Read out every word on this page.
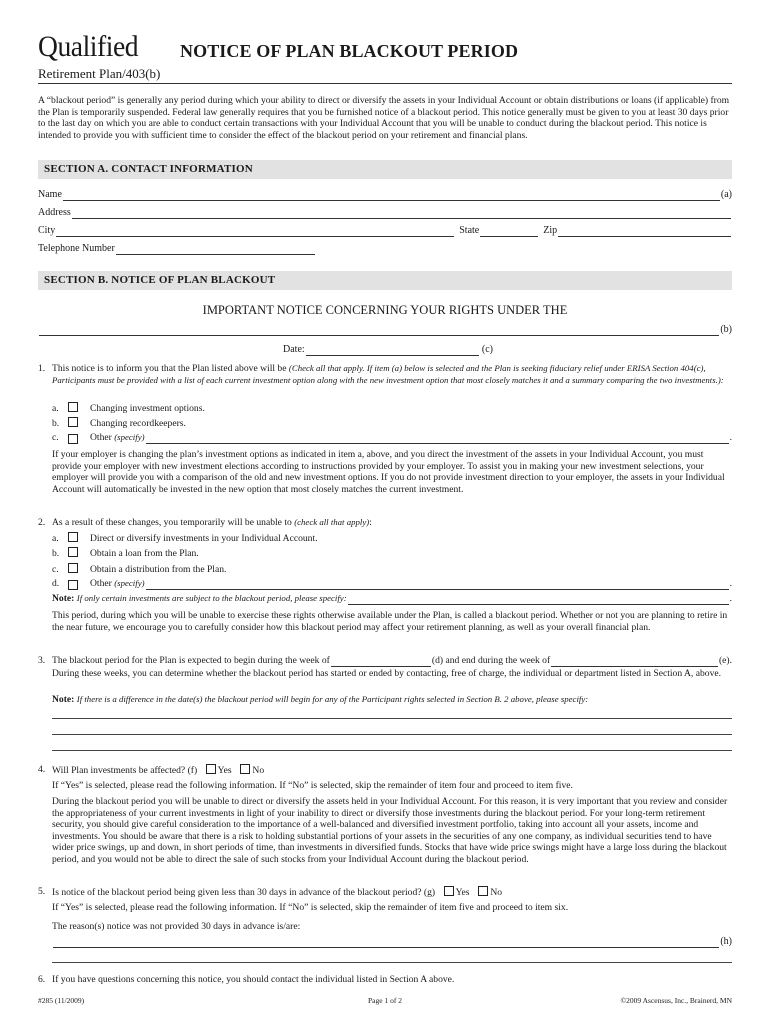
Qualified
Retirement Plan/403(b)
NOTICE OF PLAN BLACKOUT PERIOD
A “blackout period” is generally any period during which your ability to direct or diversify the assets in your Individual Account or obtain distributions or loans (if applicable) from the Plan is temporarily suspended. Federal law generally requires that you be furnished notice of a blackout period. This notice generally must be given to you at least 30 days prior to the last day on which you are able to conduct certain transactions with your Individual Account that you will be unable to conduct during the blackout period. This notice is intended to provide you with sufficient time to consider the effect of the blackout period on your retirement and financial plans.
SECTION A. CONTACT INFORMATION
Name	(a)
Address
City	State	Zip
Telephone Number
SECTION B. NOTICE OF PLAN BLACKOUT
IMPORTANT NOTICE CONCERNING YOUR RIGHTS UNDER THE
(b)
Date:	(c)
1. This notice is to inform you that the Plan listed above will be (Check all that apply. If item (a) below is selected and the Plan is seeking fiduciary relief under ERISA Section 404(c), Participants must be provided with a list of each current investment option along with the new investment option that most closely matches it and a summary comparing the two investments.):
a.	Changing investment options.
b.	Changing recordkeepers.
c.	Other
(specify)	.
If your employer is changing the plan’s investment options as indicated in item a, above, and you direct the investment of the assets in your Individual Account, you must provide your employer with new investment elections according to instructions provided by your employer. To assist you in making your new investment selections, your employer will provide you with a comparison of the old and new investment options. If you do not provide investment direction to your employer, the assets in your Individual Account will automatically be invested in the new option that most closely matches the current investment.
2. As a result of these changes, you temporarily will be unable to (check all that apply):
a.	Direct or diversify investments in your Individual Account.
b.	Obtain a loan from the Plan.
c.	Obtain a distribution from the Plan.
d.	Other
(specify)	.
Note:
If only certain investments are subject to the blackout period, please specify:	.
This period, during which you will be unable to exercise these rights otherwise available under the Plan, is called a blackout period. Whether or not you are planning to retire in the near future, we encourage you to carefully consider how this blackout period may affect your retirement planning, as well as your overall financial plan.
3. The blackout period for the Plan is expected to begin during the week of	(d) and end during the week of	(e).
During these weeks, you can determine whether the blackout period has started or ended by contacting, free of charge, the individual or department listed in Section A, above.
Note: If there is a difference in the date(s) the blackout period will begin for any of the Participant rights selected in Section B. 2 above, please specify:
4. Will Plan investments be affected? (f) Yes No
If “Yes” is selected, please read the following information. If “No” is selected, skip the remainder of item four and proceed to item five.
During the blackout period you will be unable to direct or diversify the assets held in your Individual Account. For this reason, it is very important that you review and consider the appropriateness of your current investments in light of your inability to direct or diversify those investments during the blackout period. For your long-term retirement security, you should give careful consideration to the importance of a well-balanced and diversified investment portfolio, taking into account all your assets, income and investments. You should be aware that there is a risk to holding substantial portions of your assets in the securities of any one company, as individual securities tend to have wider price swings, up and down, in short periods of time, than investments in diversified funds. Stocks that have wide price swings might have a large loss during the blackout period, and you would not be able to direct the sale of such stocks from your Individual Account during the blackout period.
5. Is notice of the blackout period being given less than 30 days in advance of the blackout period? (g) Yes No
If “Yes” is selected, please read the following information. If “No” is selected, skip the remainder of item five and proceed to item six.
The reason(s) notice was not provided 30 days in advance is/are:
(h)
6. If you have questions concerning this notice, you should contact the individual listed in Section A above.
#285 (11/2009)	Page 1 of 2	©2009 Ascensus, Inc., Brainerd, MN
